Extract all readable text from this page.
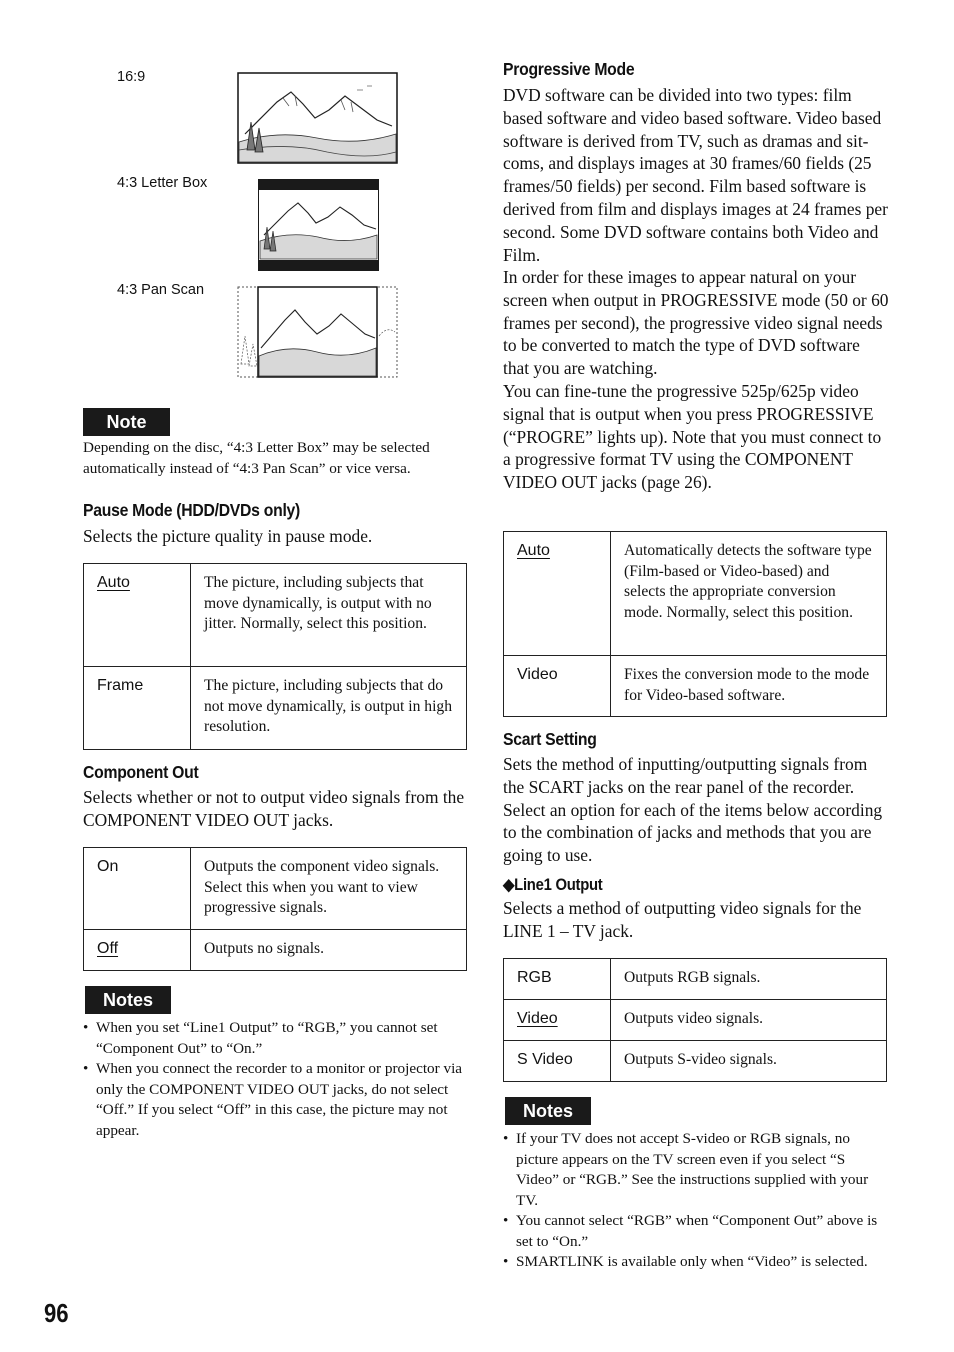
16:9
4:3 Letter Box
4:3 Pan Scan
Note
Depending on the disc, “4:3 Letter Box” may be selected automatically instead of “4:3 Pan Scan” or vice versa.
Pause Mode (HDD/DVDs only)
Selects the picture quality in pause mode.
Auto	The picture, including subjects that move dynamically, is output with no jitter. Normally, select this position.
Frame	The picture, including subjects that do not move dynamically, is output in high resolution.
Component Out
Selects whether or not to output video signals from the COMPONENT VIDEO OUT jacks.
On	Outputs the component video signals. Select this when you want to view progressive signals.
Off	Outputs no signals.
Notes
• When you set “Line1 Output” to “RGB,” you cannot set “Component Out” to “On.”
• When you connect the recorder to a monitor or projector via only the COMPONENT VIDEO OUT jacks, do not select “Off.” If you select “Off” in this case, the picture may not appear.
Progressive Mode
DVD software can be divided into two types: film based software and video based software. Video based software is derived from TV, such as dramas and sit-coms, and displays images at 30 frames/60 fields (25 frames/50 fields) per second. Film based software is derived from film and displays images at 24 frames per second. Some DVD software contains both Video and Film.
In order for these images to appear natural on your screen when output in PROGRESSIVE mode (50 or 60 frames per second), the progressive video signal needs to be converted to match the type of DVD software that you are watching.
You can fine-tune the progressive 525p/625p video signal that is output when you press PROGRESSIVE (“PROGRE” lights up). Note that you must connect to a progressive format TV using the COMPONENT VIDEO OUT jacks (page 26).
Auto	Automatically detects the software type (Film-based or Video-based) and selects the appropriate conversion mode. Normally, select this position.
Video	Fixes the conversion mode to the mode for Video-based software.
Scart Setting
Sets the method of inputting/outputting signals from the SCART jacks on the rear panel of the recorder. Select an option for each of the items below according to the combination of jacks and methods that you are going to use.
◆Line1 Output
Selects a method of outputting video signals for the LINE 1 – TV jack.
RGB	Outputs RGB signals.
Video	Outputs video signals.
S Video	Outputs S-video signals.
Notes
• If your TV does not accept S-video or RGB signals, no picture appears on the TV screen even if you select “S Video” or “RGB.” See the instructions supplied with your TV.
• You cannot select “RGB” when “Component Out” above is set to “On.”
• SMARTLINK is available only when “Video” is selected.
96
